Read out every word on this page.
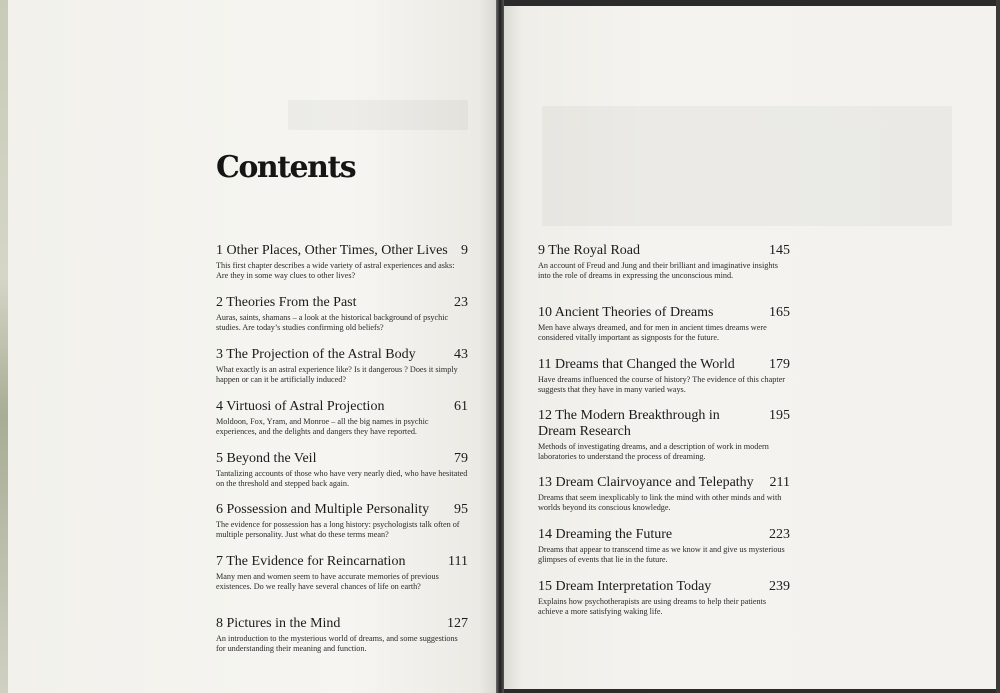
Contents
1 Other Places, Other Times, Other Lives 9
This first chapter describes a wide variety of astral experiences and asks: Are they in some way clues to other lives?
2 Theories From the Past	23
Auras, saints, shamans – a look at the historical background of psychic studies. Are today’s studies confirming old beliefs?
3 The Projection of the Astral Body	43
What exactly is an astral experience like? Is it dangerous ? Does it simply happen or can it be artificially induced?
4 Virtuosi of Astral Projection	61
Moldoon, Fox, Yram, and Monroe – all the big names in psychic experiences, and the delights and dangers they have reported.
5 Beyond the Veil	79
Tantalizing accounts of those who have very nearly died, who have hesitated on the threshold and stepped back again.
6 Possession and Multiple Personality 95
The evidence for possession has a long history: psychologists talk often of multiple personality. Just what do these terms mean?
7 The Evidence for Reincarnation	111
Many men and women seem to have accurate memories of previous existences. Do we really have several chances of life on earth?
8 Pictures in the Mind	127
An introduction to the mysterious world of dreams, and some suggestions for understanding their meaning and function.
9 The Royal Road	145
An account of Freud and Jung and their brilliant and imaginative insights into the role of dreams in expressing the unconscious mind.
10 Ancient Theories of Dreams	165
Men have always dreamed, and for men in ancient times dreams were considered vitally important as signposts for the future.
11 Dreams that Changed the World 179
Have dreams influenced the course of history? The evidence of this chapter suggests that they have in many varied ways.
12 The Modern Breakthrough in Dream Research
195
Methods of investigating dreams, and a description of work in modern laboratories to understand the process of dreaming.
13 Dream Clairvoyance and Telepathy 211
Dreams that seem inexplicably to link the mind with other minds and with worlds beyond its conscious knowledge.
14 Dreaming the Future	223
Dreams that appear to transcend time as we know it and give us mysterious glimpses of events that lie in the future.
15 Dream Interpretation Today	239
Explains how psychotherapists are using dreams to help their patients achieve a more satisfying waking life.
